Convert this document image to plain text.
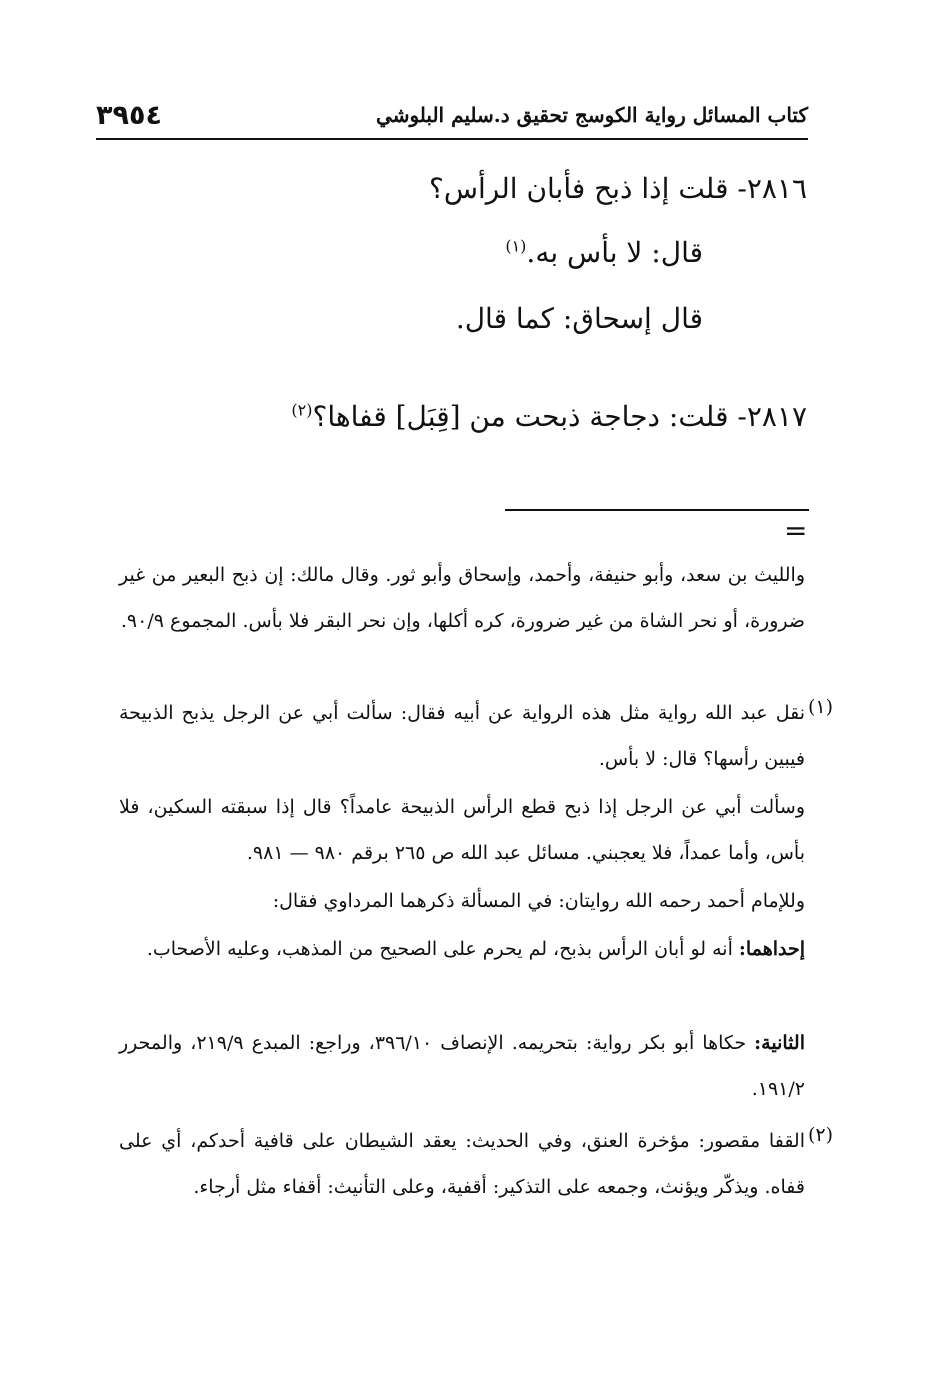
كتاب المسائل رواية الكوسج تحقيق د.سليم البلوشي
٣٩٥٤
٢٨١٦- قلت إذا ذبح فأبان الرأس؟
قال: لا بأس به.$^{(١)}$
قال إسحاق: كما قال.
٢٨١٧- قلت: دجاجة ذبحت من [قِبَل] قفاها؟$^{(٢)}$
=
والليث بن سعد، وأبو حنيفة، وأحمد، وإسحاق وأبو ثور. وقال مالك: إن ذبح البعير من غير ضرورة، أو نحر الشاة من غير ضرورة، كره أكلها، وإن نحر البقر فلا بأس. المجموع ٩٠/٩.
(١)
نقل عبد الله رواية مثل هذه الرواية عن أبيه فقال: سألت أبي عن الرجل يذبح الذبيحة فيبين رأسها؟ قال: لا بأس.
وسألت أبي عن الرجل إذا ذبح قطع الرأس الذبيحة عامداً؟ قال إذا سبقته السكين، فلا بأس، وأما عمداً، فلا يعجبني. مسائل عبد الله ص ٢٦٥ برقم ٩٨٠ — ٩٨١.
وللإمام أحمد رحمه الله روايتان: في المسألة ذكرهما المرداوي فقال:
إحداهما: أنه لو أبان الرأس بذبح، لم يحرم على الصحيح من المذهب، وعليه الأصحاب.
الثانية: حكاها أبو بكر رواية: بتحريمه. الإنصاف ٣٩٦/١٠، وراجع: المبدع ٢١٩/٩، والمحرر ١٩١/٢.
(٢)
القفا مقصور: مؤخرة العنق، وفي الحديث: يعقد الشيطان على قافية أحدكم، أي على قفاه. ويذكّر ويؤنث، وجمعه على التذكير: أقفية، وعلى التأنيث: أقفاء مثل أرجاء.
